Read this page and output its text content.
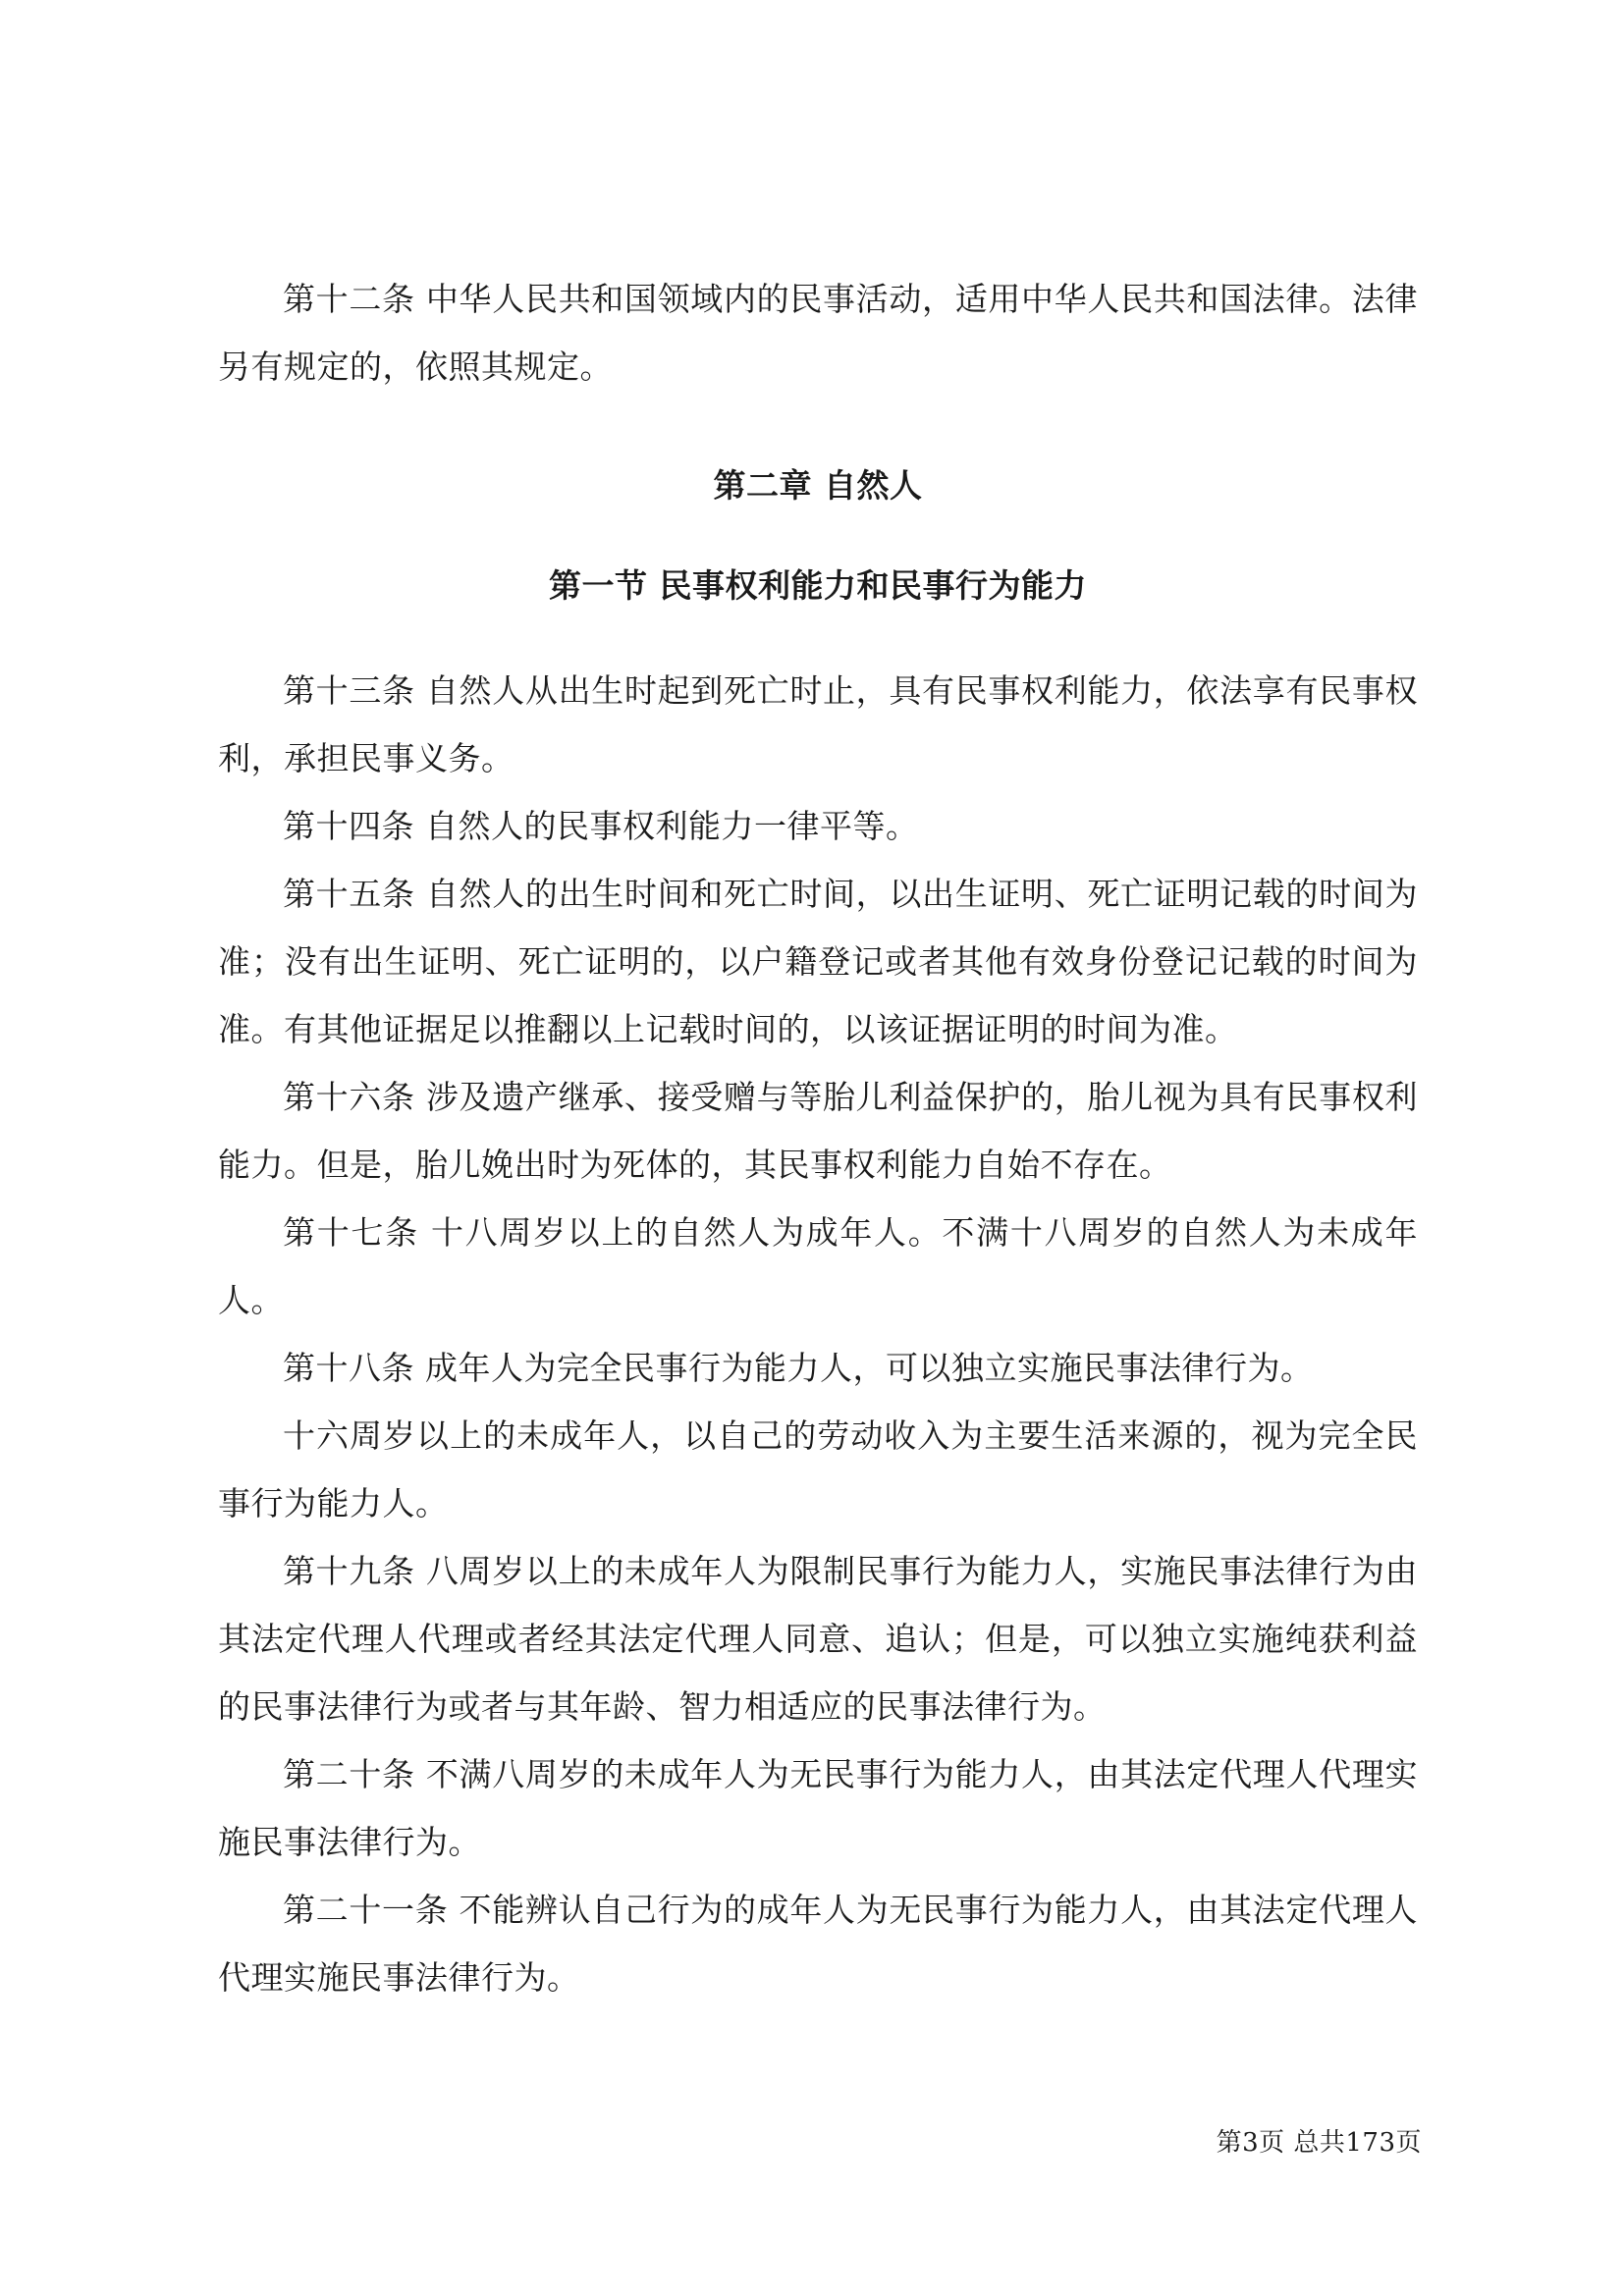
第十二条 中华人民共和国领域内的民事活动，适用中华人民共和国法律。法律另有规定的，依照其规定。

第二章 自然人
第一节 民事权利能力和民事行为能力

第十三条 自然人从出生时起到死亡时止，具有民事权利能力，依法享有民事权利，承担民事义务。

第十四条 自然人的民事权利能力一律平等。

第十五条 自然人的出生时间和死亡时间，以出生证明、死亡证明记载的时间为准；没有出生证明、死亡证明的，以户籍登记或者其他有效身份登记记载的时间为准。有其他证据足以推翻以上记载时间的，以该证据证明的时间为准。

第十六条 涉及遗产继承、接受赠与等胎儿利益保护的，胎儿视为具有民事权利能力。但是，胎儿娩出时为死体的，其民事权利能力自始不存在。

第十七条 十八周岁以上的自然人为成年人。不满十八周岁的自然人为未成年人。

第十八条 成年人为完全民事行为能力人，可以独立实施民事法律行为。

十六周岁以上的未成年人，以自己的劳动收入为主要生活来源的，视为完全民事行为能力人。

第十九条 八周岁以上的未成年人为限制民事行为能力人，实施民事法律行为由其法定代理人代理或者经其法定代理人同意、追认；但是，可以独立实施纯获利益的民事法律行为或者与其年龄、智力相适应的民事法律行为。

第二十条 不满八周岁的未成年人为无民事行为能力人，由其法定代理人代理实施民事法律行为。

第二十一条 不能辨认自己行为的成年人为无民事行为能力人，由其法定代理人代理实施民事法律行为。

第3页 总共173页
